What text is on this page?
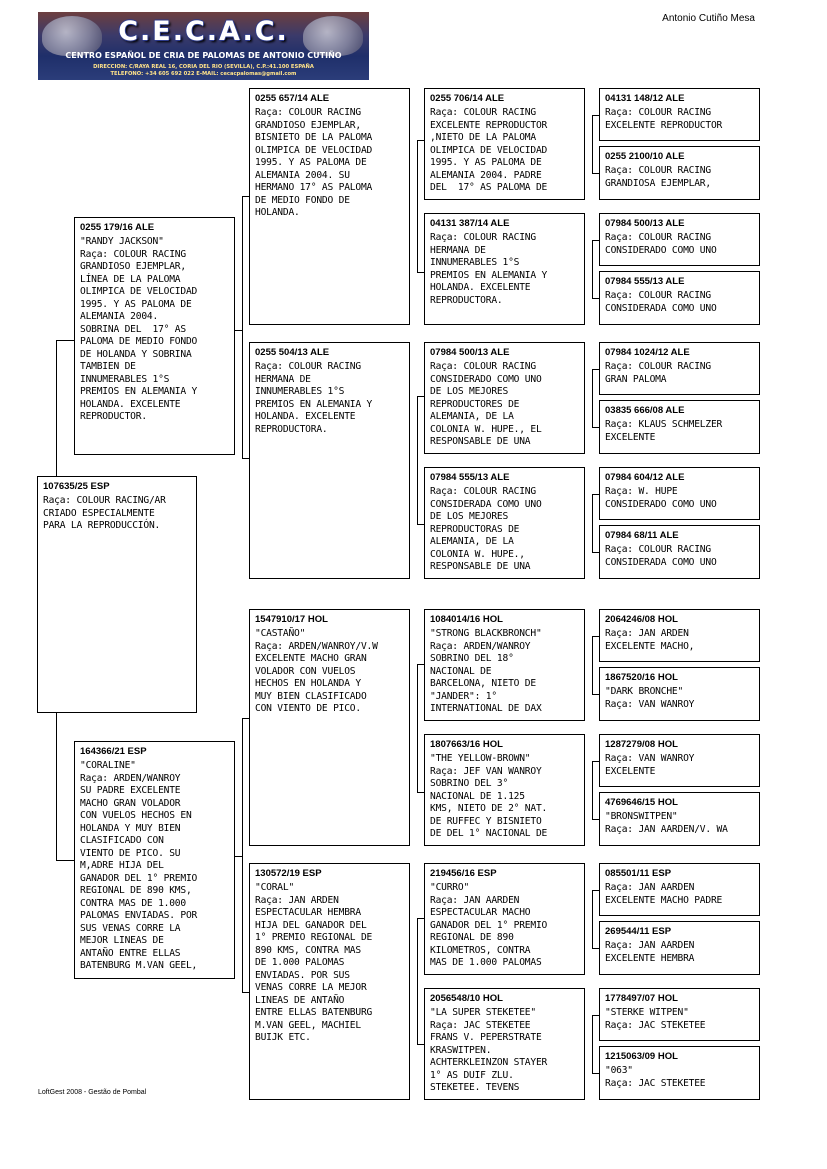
C.E.C.A.C.
CENTRO ESPAÑOL DE CRIA DE PALOMAS DE ANTONIO CUTIÑO
DIRECCION: C/RAYA REAL 16, CORIA DEL RIO (SEVILLA), C.P.:41.100 ESPAÑA
TELEFONO: +34 605 692 022 E-MAIL: cecacpalomas@gmail.com
Antonio Cutiño Mesa
107635/25 ESP
Raça: COLOUR RACING/AR
CRIADO ESPECIALMENTE
PARA LA REPRODUCCIÓN.
0255 179/16 ALE
"RANDY JACKSON"
Raça: COLOUR RACING
GRANDIOSO EJEMPLAR,
LÍNEA DE LA PALOMA
OLIMPICA DE VELOCIDAD
1995. Y AS PALOMA DE
ALEMANIA 2004.
SOBRINA DEL  17° AS
PALOMA DE MEDIO FONDO
DE HOLANDA Y SOBRINA
TAMBIEN DE
INNUMERABLES 1°S
PREMIOS EN ALEMANIA Y
HOLANDA. EXCELENTE
REPRODUCTOR.
164366/21 ESP
"CORALINE"
Raça: ARDEN/WANROY
SU PADRE EXCELENTE
MACHO GRAN VOLADOR
CON VUELOS HECHOS EN
HOLANDA Y MUY BIEN
CLASIFICADO CON
VIENTO DE PICO. SU
M,ADRE HIJA DEL
GANADOR DEL 1° PREMIO
REGIONAL DE 890 KMS,
CONTRA MAS DE 1.000
PALOMAS ENVIADAS. POR
SUS VENAS CORRE LA
MEJOR LINEAS DE
ANTAÑO ENTRE ELLAS
BATENBURG M.VAN GEEL,
0255 657/14 ALE
Raça: COLOUR RACING
GRANDIOSO EJEMPLAR,
BISNIETO DE LA PALOMA
OLIMPICA DE VELOCIDAD
1995. Y AS PALOMA DE
ALEMANIA 2004. SU
HERMANO 17° AS PALOMA
DE MEDIO FONDO DE
HOLANDA.
0255 504/13 ALE
Raça: COLOUR RACING
HERMANA DE
INNUMERABLES 1°S
PREMIOS EN ALEMANIA Y
HOLANDA. EXCELENTE
REPRODUCTORA.
1547910/17 HOL
"CASTAÑO"
Raça: ARDEN/WANROY/V.W
EXCELENTE MACHO GRAN
VOLADOR CON VUELOS
HECHOS EN HOLANDA Y
MUY BIEN CLASIFICADO
CON VIENTO DE PICO.
130572/19 ESP
"CORAL"
Raça: JAN ARDEN
ESPECTACULAR HEMBRA
HIJA DEL GANADOR DEL
1° PREMIO REGIONAL DE
890 KMS, CONTRA MAS
DE 1.000 PALOMAS
ENVIADAS. POR SUS
VENAS CORRE LA MEJOR
LINEAS DE ANTAÑO
ENTRE ELLAS BATENBURG
M.VAN GEEL, MACHIEL
BUIJK ETC.
0255 706/14 ALE
Raça: COLOUR RACING
EXCELENTE REPRODUCTOR
,NIETO DE LA PALOMA
OLIMPICA DE VELOCIDAD
1995. Y AS PALOMA DE
ALEMANIA 2004. PADRE
DEL  17° AS PALOMA DE
04131 387/14 ALE
Raça: COLOUR RACING
HERMANA DE
INNUMERABLES 1°S
PREMIOS EN ALEMANIA Y
HOLANDA. EXCELENTE
REPRODUCTORA.
07984 500/13 ALE
Raça: COLOUR RACING
CONSIDERADO COMO UNO
DE LOS MEJORES
REPRODUCTORES DE
ALEMANIA, DE LA
COLONIA W. HUPE., EL
RESPONSABLE DE UNA
07984 555/13 ALE
Raça: COLOUR RACING
CONSIDERADA COMO UNO
DE LOS MEJORES
REPRODUCTORAS DE
ALEMANIA, DE LA
COLONIA W. HUPE.,
RESPONSABLE DE UNA
1084014/16 HOL
"STRONG BLACKBRONCH"
Raça: ARDEN/WANROY
SOBRINO DEL 18°
NACIONAL DE
BARCELONA, NIETO DE
"JANDER": 1°
INTERNATIONAL DE DAX
1807663/16 HOL
"THE YELLOW-BROWN"
Raça: JEF VAN WANROY
SOBRINO DEL 3°
NACIONAL DE 1.125
KMS, NIETO DE 2° NAT.
DE RUFFEC Y BISNIETO
DE DEL 1° NACIONAL DE
219456/16 ESP
"CURRO"
Raça: JAN AARDEN
ESPECTACULAR MACHO
GANADOR DEL 1° PREMIO
REGIONAL DE 890
KILOMETROS, CONTRA
MAS DE 1.000 PALOMAS
2056548/10 HOL
"LA SUPER STEKETEE"
Raça: JAC STEKETEE
FRANS V. PEPERSTRATE
KRASWITPEN.
ACHTERKLEINZON STAYER
1° AS DUIF ZLU.
STEKETEE. TEVENS
04131 148/12 ALE
Raça: COLOUR RACING
EXCELENTE REPRODUCTOR
0255 2100/10 ALE
Raça: COLOUR RACING
GRANDIOSA EJEMPLAR,
07984 500/13 ALE
Raça: COLOUR RACING
CONSIDERADO COMO UNO
07984 555/13 ALE
Raça: COLOUR RACING
CONSIDERADA COMO UNO
07984 1024/12 ALE
Raça: COLOUR RACING
GRAN PALOMA
03835 666/08 ALE
Raça: KLAUS SCHMELZER
EXCELENTE
07984 604/12 ALE
Raça: W. HUPE
CONSIDERADO COMO UNO
07984 68/11 ALE
Raça: COLOUR RACING
CONSIDERADA COMO UNO
2064246/08 HOL
Raça: JAN ARDEN
EXCELENTE MACHO,
1867520/16 HOL
"DARK BRONCHE"
Raça: VAN WANROY
1287279/08 HOL
Raça: VAN WANROY
EXCELENTE
4769646/15 HOL
"BRONSWITPEN"
Raça: JAN AARDEN/V. WA
085501/11 ESP
Raça: JAN AARDEN
EXCELENTE MACHO PADRE
269544/11 ESP
Raça: JAN AARDEN
EXCELENTE HEMBRA
1778497/07 HOL
"STERKE WITPEN"
Raça: JAC STEKETEE
1215063/09 HOL
"063"
Raça: JAC STEKETEE
LoftGest 2008 - Gestão de Pombal
